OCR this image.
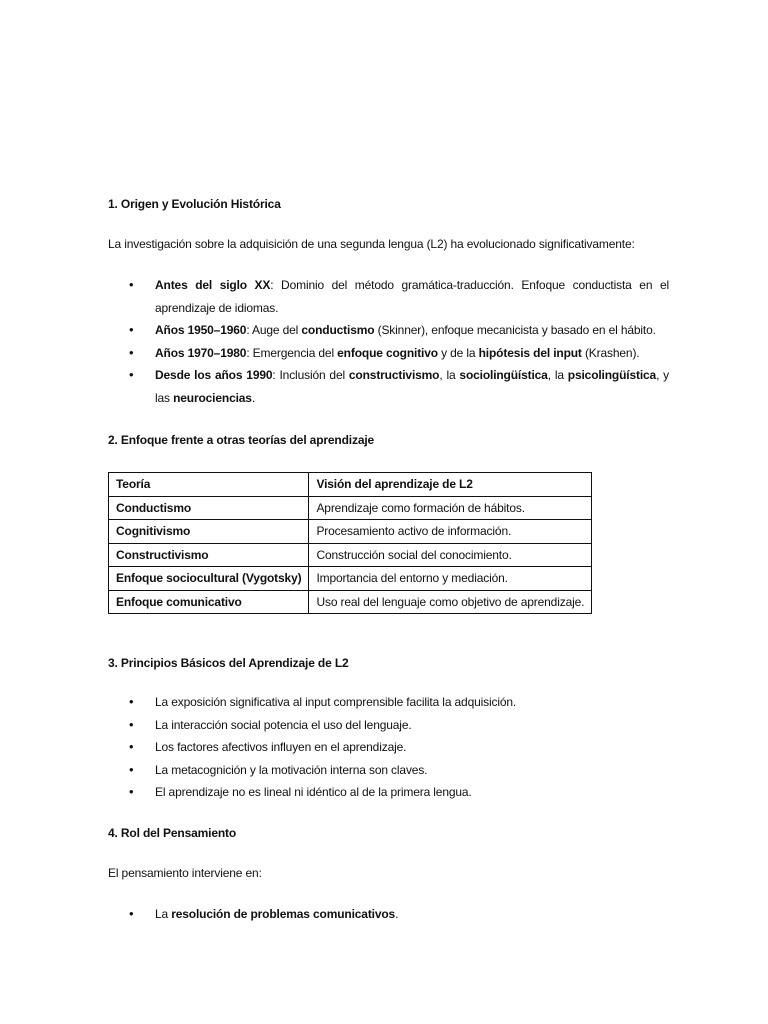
1. Origen y Evolución Histórica

La investigación sobre la adquisición de una segunda lengua (L2) ha evolucionado significativamente:

• Antes del siglo XX: Dominio del método gramática-traducción. Enfoque conductista en el aprendizaje de idiomas.
• Años 1950–1960: Auge del conductismo (Skinner), enfoque mecanicista y basado en el hábito.
• Años 1970–1980: Emergencia del enfoque cognitivo y de la hipótesis del input (Krashen).
• Desde los años 1990: Inclusión del constructivismo, la sociolingüística, la psicolingüística, y las neurociencias.
2. Enfoque frente a otras teorías del aprendizaje
Teoría	Visión del aprendizaje de L2
Conductismo	Aprendizaje como formación de hábitos.
Cognitivismo	Procesamiento activo de información.
Constructivismo	Construcción social del conocimiento.
Enfoque sociocultural (Vygotsky)	Importancia del entorno y mediación.
Enfoque comunicativo	Uso real del lenguaje como objetivo de aprendizaje.
3. Principios Básicos del Aprendizaje de L2
• La exposición significativa al input comprensible facilita la adquisición.
• La interacción social potencia el uso del lenguaje.
• Los factores afectivos influyen en el aprendizaje.
• La metacognición y la motivación interna son claves.
• El aprendizaje no es lineal ni idéntico al de la primera lengua.
4. Rol del Pensamiento

El pensamiento interviene en:

• La resolución de problemas comunicativos.
